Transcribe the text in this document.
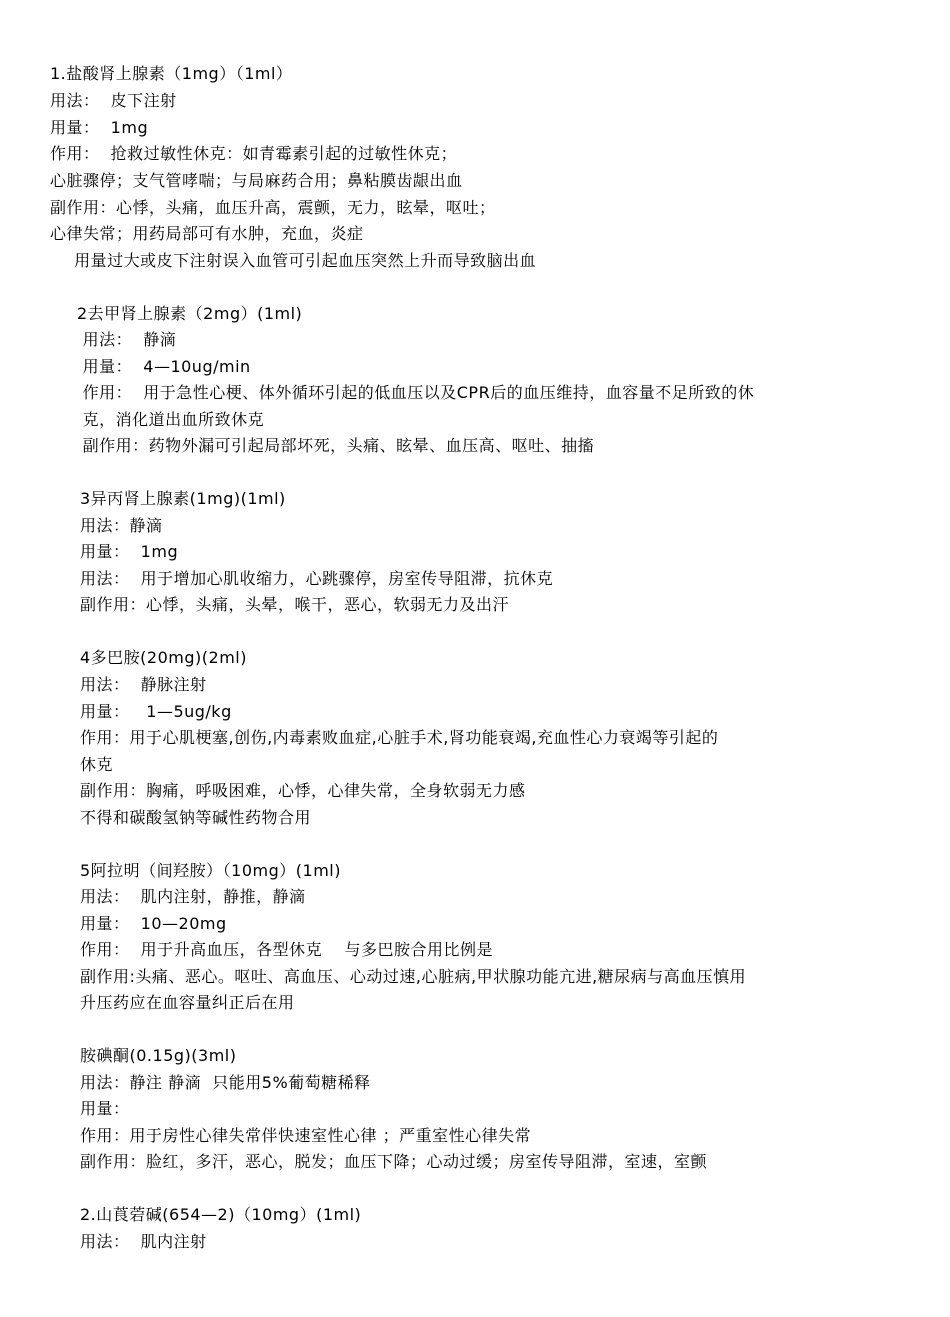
1.盐酸肾上腺素（1mg）（1ml）
用法：  皮下注射
用量：  1mg
作用：  抢救过敏性休克：如青霉素引起的过敏性休克；
心脏骤停；支气管哮喘；与局麻药合用；鼻粘膜齿龈出血
副作用：心悸，头痛，血压升高，震颤，无力，眩晕，呕吐；
心律失常；用药局部可有水肿，充血，炎症
用量过大或皮下注射误入血管可引起血压突然上升而导致脑出血
2去甲肾上腺素（2mg）(1ml)
用法：  静滴
用量：  4—10ug/min
作用：  用于急性心梗、体外循环引起的低血压以及CPR后的血压维持，血容量不足所致的休
克，消化道出血所致休克
副作用：药物外漏可引起局部坏死，头痛、眩晕、血压高、呕吐、抽搐
3异丙肾上腺素(1mg)(1ml)
用法：静滴
用量：  1mg
用法：  用于增加心肌收缩力，心跳骤停，房室传导阻滞，抗休克
副作用：心悸，头痛，头晕，喉干，恶心，软弱无力及出汗
4多巴胺(20mg)(2ml)
用法：  静脉注射
用量：   1—5ug/kg
作用：用于心肌梗塞,创伤,内毒素败血症,心脏手术,肾功能衰竭,充血性心力衰竭等引起的
休克
副作用：胸痛，呼吸困难，心悸，心律失常，全身软弱无力感
不得和碳酸氢钠等碱性药物合用
5阿拉明（间羟胺）（10mg）(1ml)
用法：  肌内注射，静推，静滴
用量：  10—20mg
作用：  用于升高血压，各型休克    与多巴胺合用比例是
副作用:头痛、恶心。呕吐、高血压、心动过速,心脏病,甲状腺功能亢进,糖尿病与高血压慎用
升压药应在血容量纠正后在用
胺碘酮(0.15g)(3ml)
用法：静注 静滴  只能用5%葡萄糖稀释
用量：
作用：用于房性心律失常伴快速室性心律 ；严重室性心律失常
副作用：脸红，多汗，恶心，脱发；血压下降；心动过缓；房室传导阻滞，室速，室颤
2.山莨菪碱(654—2)（10mg）(1ml)
用法：  肌内注射
